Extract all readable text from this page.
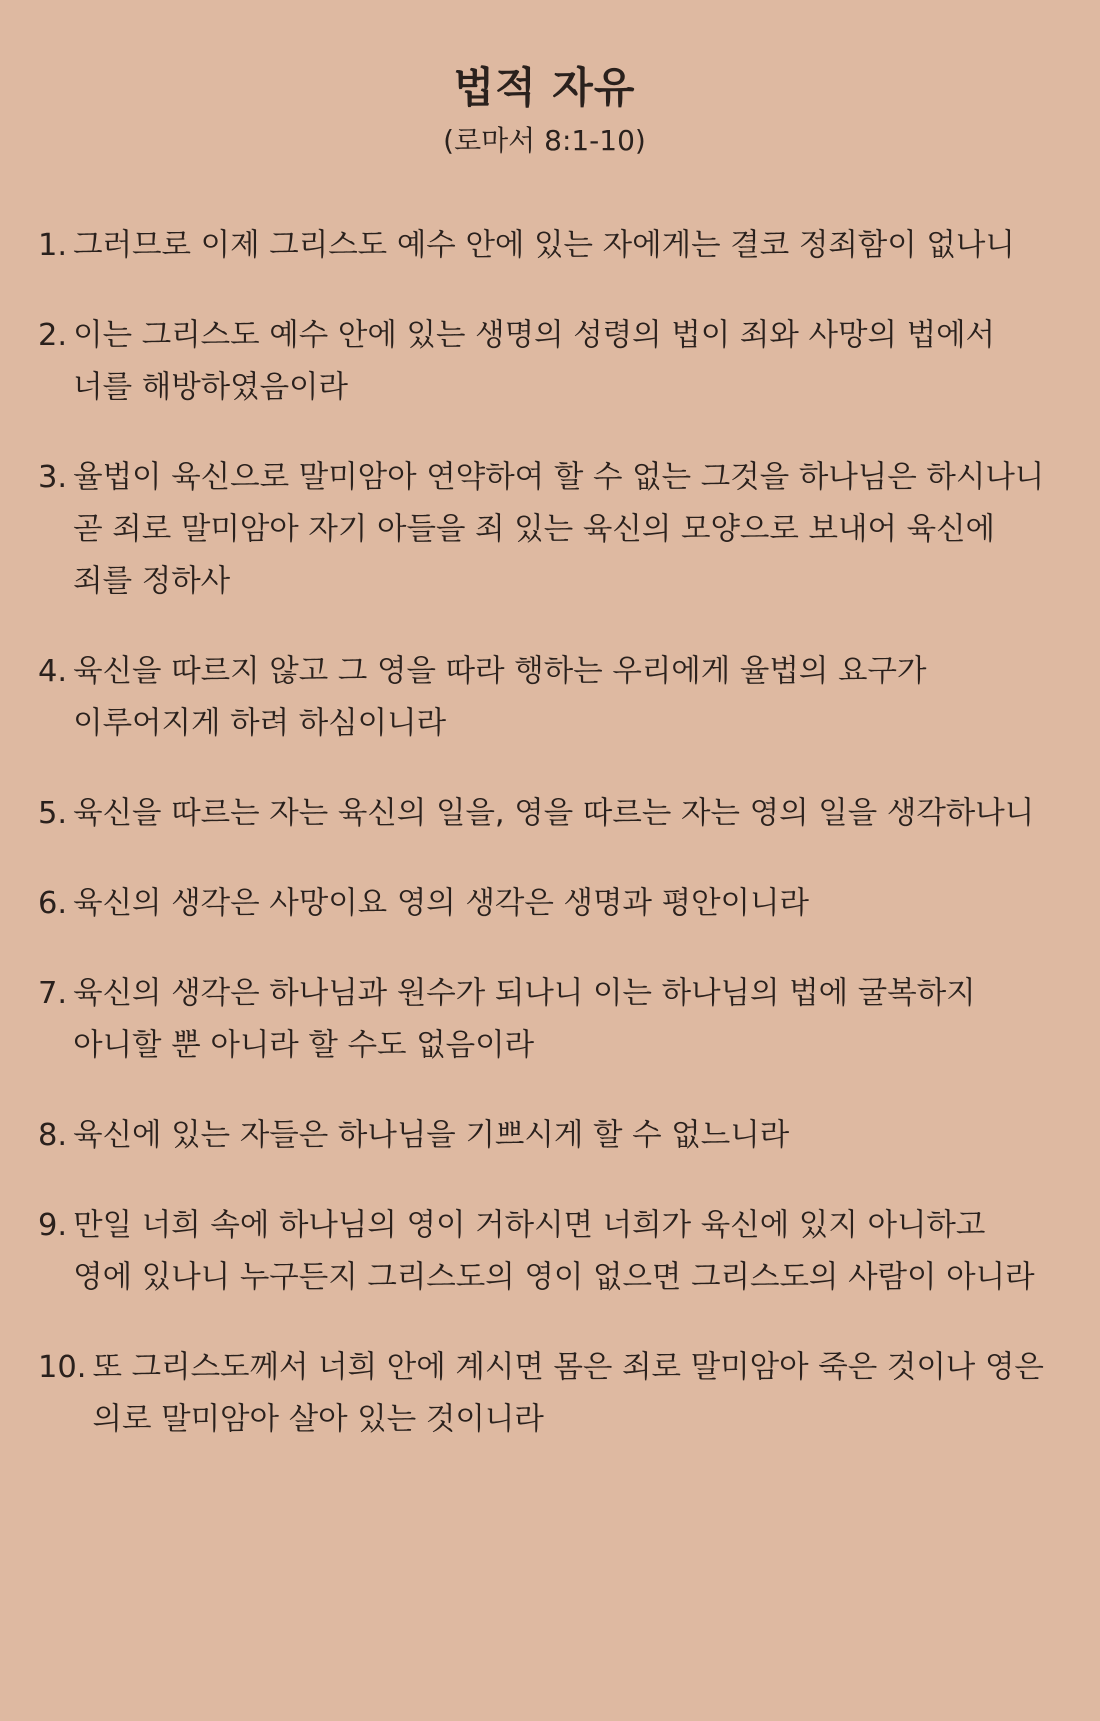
법적 자유
(로마서 8:1-10)
1. 그러므로 이제 그리스도 예수 안에 있는 자에게는 결코 정죄함이 없나니
2. 이는 그리스도 예수 안에 있는 생명의 성령의 법이 죄와 사망의 법에서 너를 해방하였음이라
3. 율법이 육신으로 말미암아 연약하여 할 수 없는 그것을 하나님은 하시나니 곧 죄로 말미암아 자기 아들을 죄 있는 육신의 모양으로 보내어 육신에 죄를 정하사
4. 육신을 따르지 않고 그 영을 따라 행하는 우리에게 율법의 요구가 이루어지게 하려 하심이니라
5. 육신을 따르는 자는 육신의 일을, 영을 따르는 자는 영의 일을 생각하나니
6. 육신의 생각은 사망이요 영의 생각은 생명과 평안이니라
7. 육신의 생각은 하나님과 원수가 되나니 이는 하나님의 법에 굴복하지 아니할 뿐 아니라 할 수도 없음이라
8. 육신에 있는 자들은 하나님을 기쁘시게 할 수 없느니라
9. 만일 너희 속에 하나님의 영이 거하시면 너희가 육신에 있지 아니하고 영에 있나니 누구든지 그리스도의 영이 없으면 그리스도의 사람이 아니라
10. 또 그리스도께서 너희 안에 계시면 몸은 죄로 말미암아 죽은 것이나 영은 의로 말미암아 살아 있는 것이니라
